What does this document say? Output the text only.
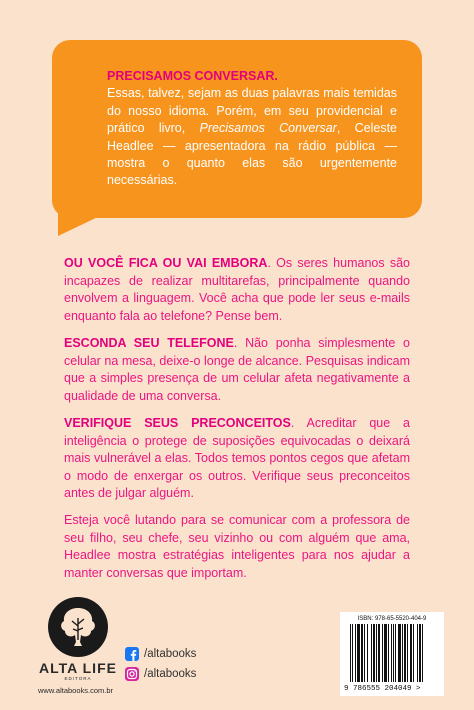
PRECISAMOS CONVERSAR.
Essas, talvez, sejam as duas palavras mais temidas do nosso idioma. Porém, em seu providencial e prático livro, Precisamos Conversar, Celeste Headlee — apresentadora na rádio pública — mostra o quanto elas são urgentemente necessárias.
OU VOCÊ FICA OU VAI EMBORA. Os seres humanos são incapazes de realizar multitarefas, principalmente quando envolvem a linguagem. Você acha que pode ler seus e-mails enquanto fala ao telefone? Pense bem.
ESCONDA SEU TELEFONE. Não ponha simplesmente o celular na mesa, deixe-o longe de alcance. Pesquisas indicam que a simples presença de um celular afeta negativamente a qualidade de uma conversa.
VERIFIQUE SEUS PRECONCEITOS. Acreditar que a inteligência o protege de suposições equivocadas o deixará mais vulnerável a elas. Todos temos pontos cegos que afetam o modo de enxergar os outros. Verifique seus preconceitos antes de julgar alguém.
Esteja você lutando para se comunicar com a professora de seu filho, seu chefe, seu vizinho ou com alguém que ama, Headlee mostra estratégias inteligentes para nos ajudar a manter conversas que importam.
ALTA LIFE
EDITORA
www.altabooks.com.br
/altabooks
/altabooks
ISBN: 978-65-5520-404-9
9 786555 204049 >
